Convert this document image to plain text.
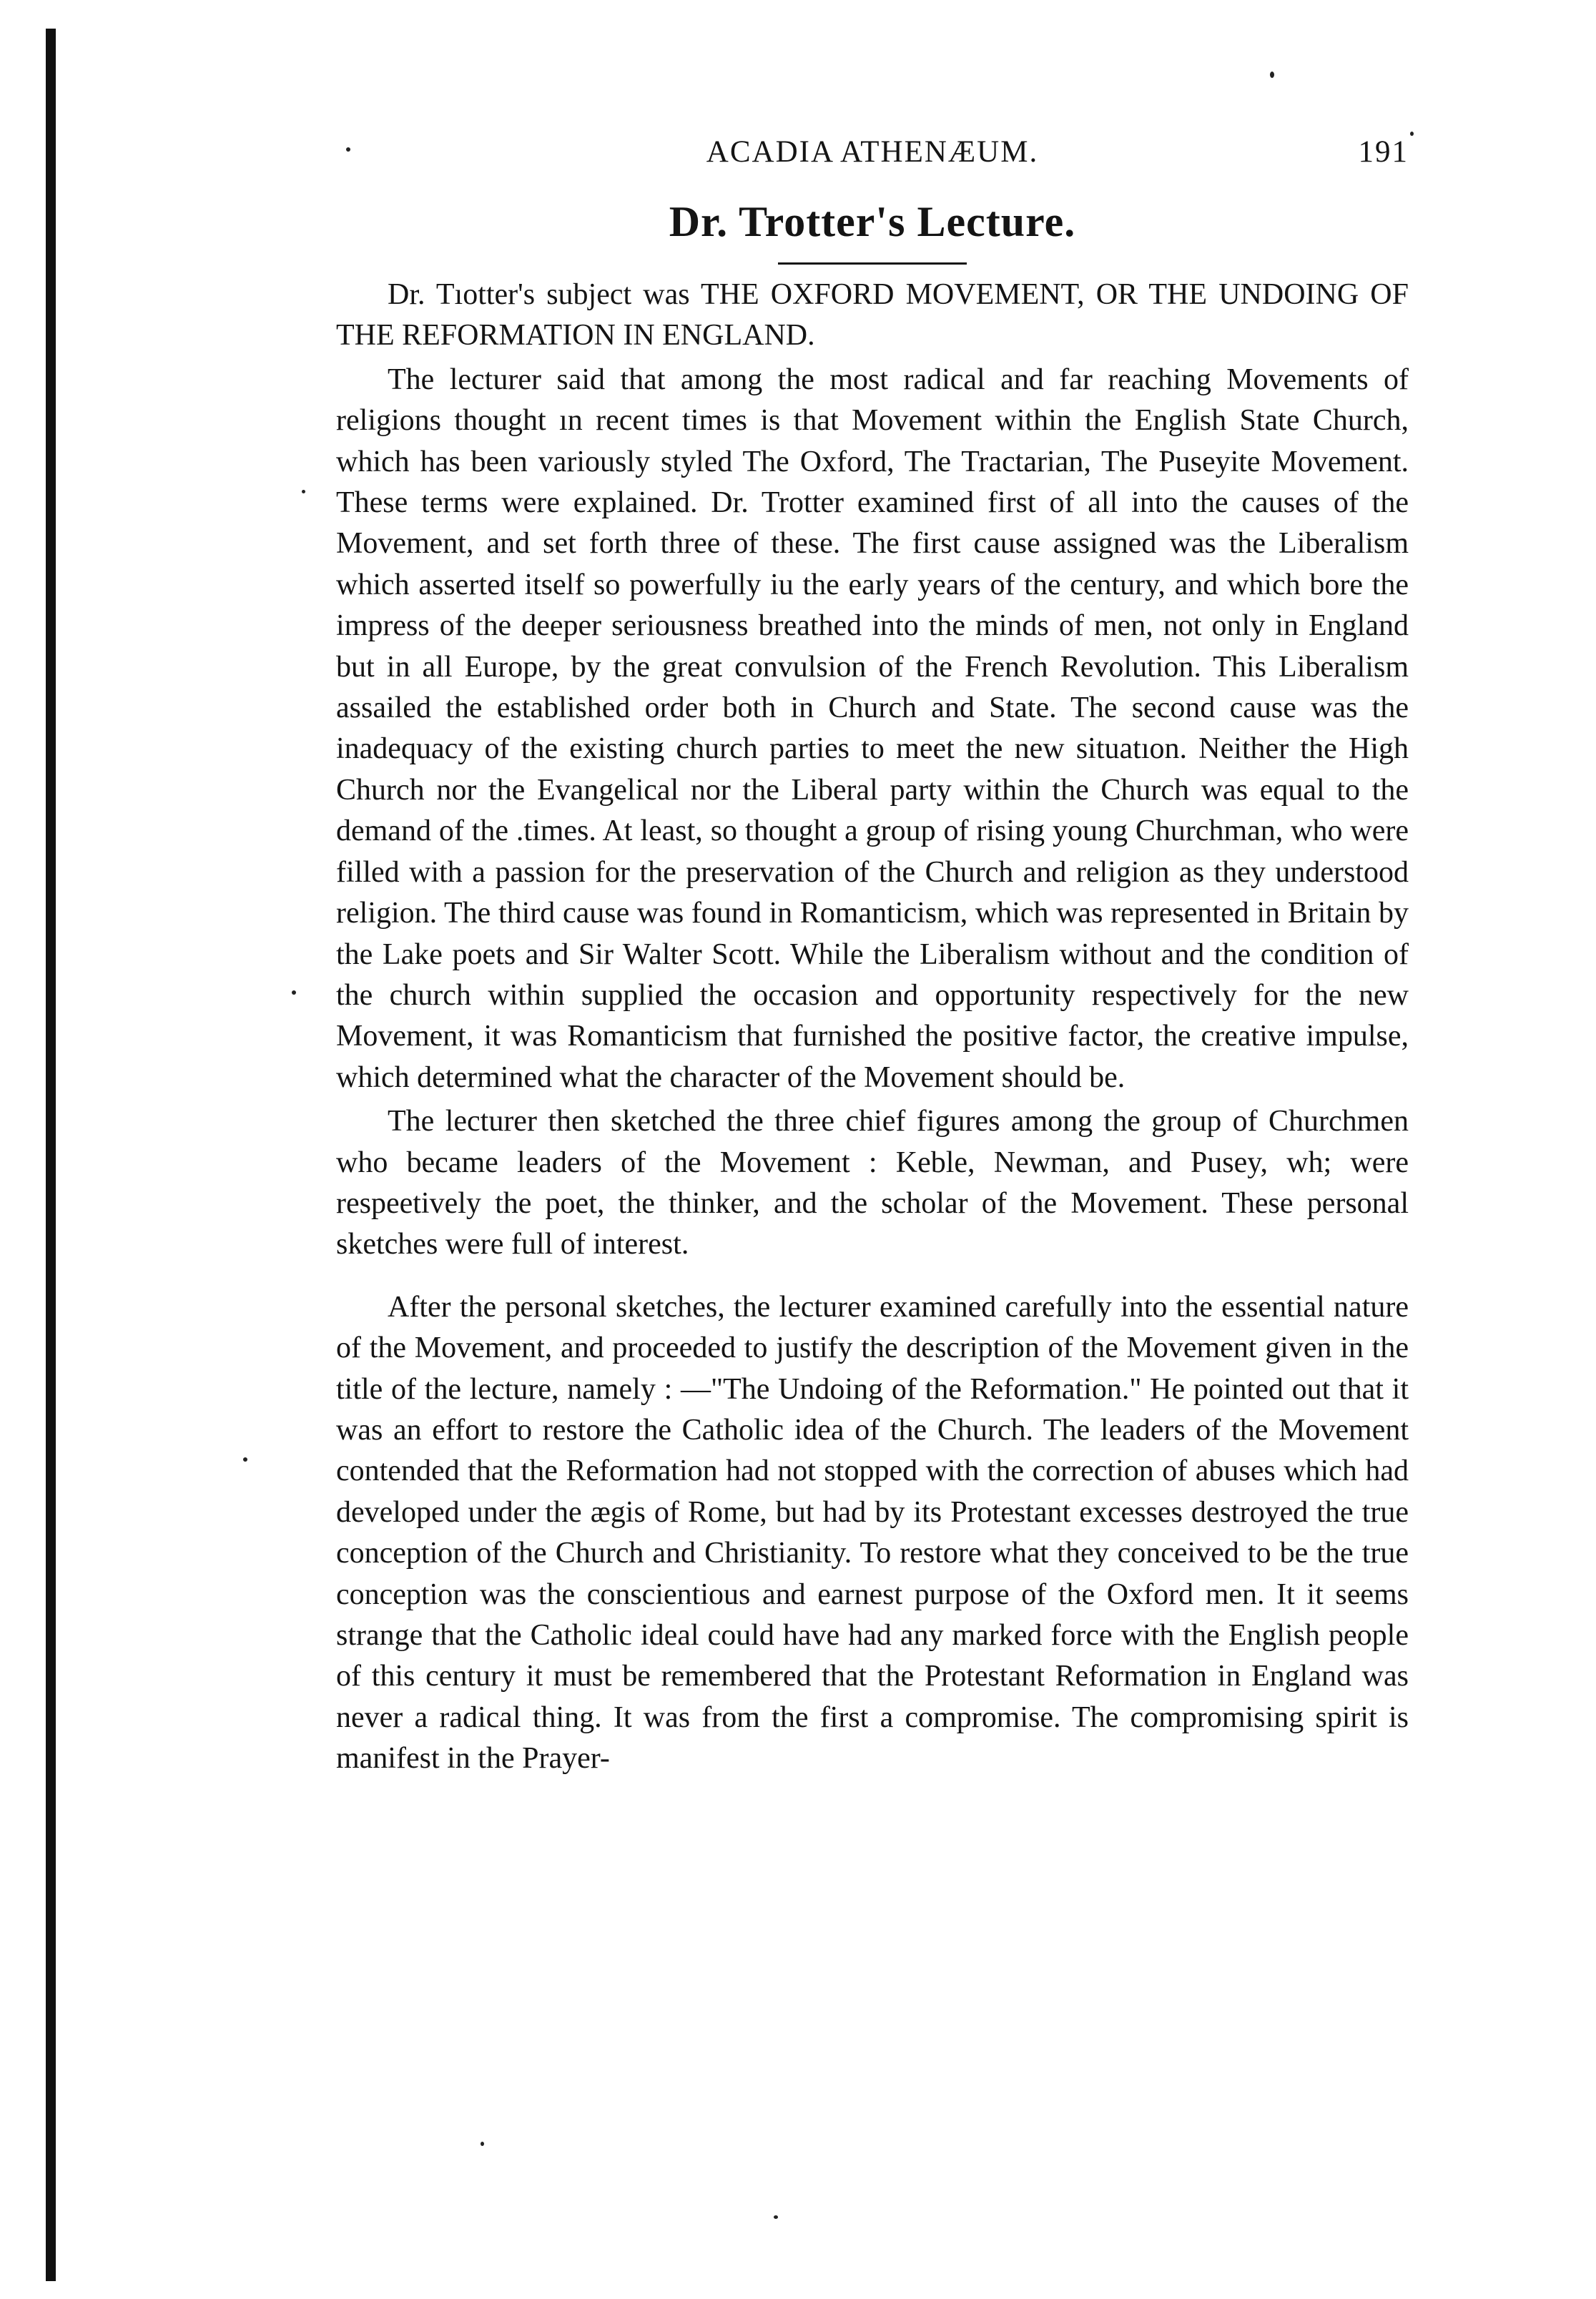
ACADIA ATHENÆUM.	191
Dr. Trotter's Lecture.

Dr. Tıotter's subject was THE OXFORD MOVEMENT, OR THE UNDOING OF THE REFORMATION IN ENGLAND.

The lecturer said that among the most radical and far reaching Movements of religions thought ın recent times is that Movement within the English State Church, which has been variously styled The Oxford, The Tractarian, The Puseyite Movement. These terms were explained. Dr. Trotter examined first of all into the causes of the Movement, and set forth three of these. The first cause assigned was the Liberalism which asserted itself so powerfully iu the early years of the century, and which bore the impress of the deeper seriousness breathed into the minds of men, not only in England but in all Europe, by the great convulsion of the French Revolution. This Liberalism assailed the established order both in Church and State. The second cause was the inadequacy of the existing church parties to meet the new situatıon. Neither the High Church nor the Evangelical nor the Liberal party within the Church was equal to the demand of the .times. At least, so thought a group of rising young Churchman, who were filled with a passion for the preservation of the Church and religion as they understood religion. The third cause was found in Romanticism, which was represented in Britain by the Lake poets and Sir Walter Scott. While the Liberalism without and the condition of the church within supplied the occasion and opportunity respectively for the new Movement, it was Romanticism that furnished the positive factor, the creative impulse, which determined what the character of the Movement should be.

The lecturer then sketched the three chief figures among the group of Churchmen who became leaders of the Movement : Keble, Newman, and Pusey, wh; were respeetively the poet, the thinker, and the scholar of the Movement. These personal sketches were full of interest.

After the personal sketches, the lecturer examined carefully into the essential nature of the Movement, and proceeded to justify the description of the Movement given in the title of the lecture, namely : —"The Undoing of the Reformation." He pointed out that it was an effort to restore the Catholic idea of the Church. The leaders of the Movement contended that the Reformation had not stopped with the correction of abuses which had developed under the ægis of Rome, but had by its Protestant excesses destroyed the true conception of the Church and Christianity. To restore what they conceived to be the true conception was the conscientious and earnest purpose of the Oxford men. It it seems strange that the Catholic ideal could have had any marked force with the English people of this century it must be remembered that the Protestant Reformation in England was never a radical thing. It was from the first a compromise. The compromising spirit is manifest in the Prayer-
